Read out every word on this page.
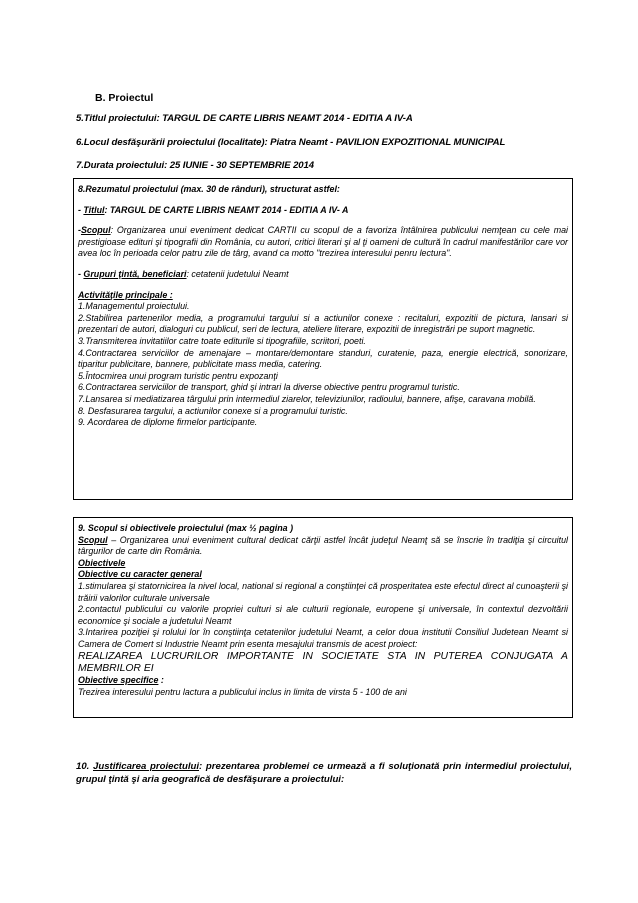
B. Proiectul
5.Titlul proiectului: TARGUL DE CARTE LIBRIS NEAMT 2014 - EDITIA A IV-A
6.Locul desfăşurării proiectului (localitate): Piatra Neamt - PAVILION EXPOZITIONAL MUNICIPAL
7.Durata proiectului: 25 IUNIE - 30 SEPTEMBRIE 2014

8.Rezumatul proiectului (max. 30 de rânduri), structurat astfel:

- Titlul: TARGUL DE CARTE LIBRIS NEAMT 2014 - EDITIA A IV- A

-Scopul: Organizarea unui eveniment dedicat CARTII cu scopul de a favoriza întâlnirea publicului nemţean cu cele mai prestigioase edituri şi tipografii din România, cu autori, critici literari şi al ţi oameni de cultură în cadrul manifestărilor care vor avea loc în perioada celor patru zile de târg, avand ca motto "trezirea interesului penru lectura".

- Grupuri ţintă, beneficiari: cetatenii judetului Neamt

Activităţile principale :

1.Managementul proiectului.

2.Stabilirea partenerilor media, a programului targului si a actiunilor conexe : recitaluri, expozitii de pictura, lansari si prezentari de autori, dialoguri cu publicul, seri de lectura, ateliere literare, expozitii de inregistrări pe suport magnetic.

3.Transmiterea invitatiilor catre toate editurile si tipografiile, scriitori, poeti.

4.Contractarea serviciilor de amenajare – montare/demontare standuri, curatenie, paza, energie electrică, sonorizare, tiparitur publicitare, bannere, publicitate mass media, catering.

5.Întocmirea unui program turistic pentru expozanţi

6.Contractarea serviciilor de transport, ghid şi intrari la diverse obiective pentru programul turistic.

7.Lansarea si mediatizarea târgului prin intermediul ziarelor, televiziunilor, radioului, bannere, afişe, caravana mobilă.

8. Desfasurarea targului, a actiunilor conexe si a programului turistic.

9. Acordarea de diplome firmelor participante.

9. Scopul si obiectivele proiectului (max ½ pagina )

Scopul – Organizarea unui eveniment cultural dedicat cărţii astfel încât judeţul Neamţ să se înscrie în tradiţia şi circuitul târgurilor de carte din România.

Obiectivele

Obiective cu caracter general

1.stimularea şi statornicirea la nivel local, national si regional a conştiinţei că prosperitatea este efectul direct al cunoaşterii şi trăirii valorilor culturale universale

2.contactul publicului cu valorile propriei culturi si ale culturii regionale, europene şi universale, în contextul dezvoltării economice şi sociale a judetului Neamt

3.Intarirea poziţiei şi rolului lor în conştiinţa cetatenilor judetului Neamt, a celor doua institutii Consiliul Judetean Neamt si Camera de Comert si Industrie Neamt prin esenta mesajului transmis de acest proiect:

REALIZAREA LUCRURILOR IMPORTANTE IN SOCIETATE STA IN PUTEREA CONJUGATA A MEMBRILOR EI

Obiective specifice :

Trezirea interesului pentru lactura a publicului inclus in limita de virsta 5 - 100 de ani

10. Justificarea proiectului: prezentarea problemei ce urmează a fi soluţionată prin intermediul proiectului, grupul ţintă şi aria geografică de desfăşurare a proiectului:
